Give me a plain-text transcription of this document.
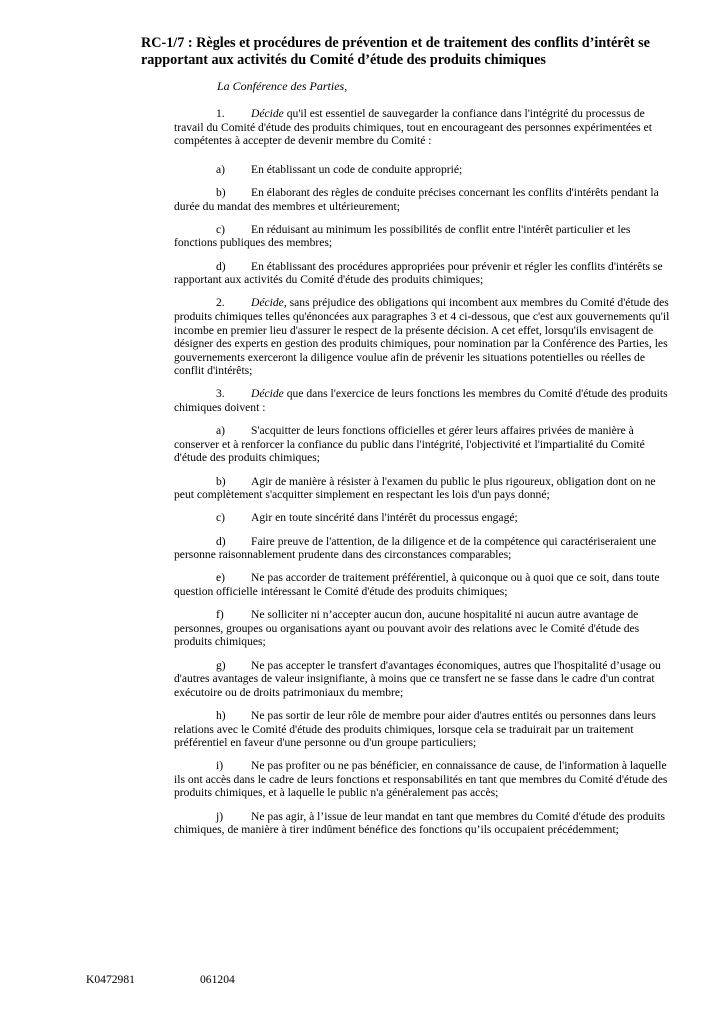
RC-1/7 : Règles et procédures de prévention et de traitement des conflits d’intérêt se rapportant aux activités du Comité d’étude des produits chimiques

La Conférence des Parties,

1. Décide qu'il est essentiel de sauvegarder la confiance dans l'intégrité du processus de travail du Comité d'étude des produits chimiques, tout en encourageant des personnes expérimentées et compétentes à accepter de devenir membre du Comité :

a) En établissant un code de conduite approprié;

b) En élaborant des règles de conduite précises concernant les conflits d'intérêts pendant la durée du mandat des membres et ultérieurement;

c) En réduisant au minimum les possibilités de conflit entre l'intérêt particulier et les fonctions publiques des membres;

d) En établissant des procédures appropriées pour prévenir et régler les conflits d'intérêts se rapportant aux activités du Comité d'étude des produits chimiques;

2. Décide, sans préjudice des obligations qui incombent aux membres du Comité d'étude des produits chimiques telles qu'énoncées aux paragraphes 3 et 4 ci-dessous, que c'est aux gouvernements qu'il incombe en premier lieu d'assurer le respect de la présente décision. A cet effet, lorsqu'ils envisagent de désigner des experts en gestion des produits chimiques, pour nomination par la Conférence des Parties, les gouvernements exerceront la diligence voulue afin de prévenir les situations potentielles ou réelles de conflit d'intérêts;

3. Décide que dans l'exercice de leurs fonctions les membres du Comité d'étude des produits chimiques doivent :

a) S'acquitter de leurs fonctions officielles et gérer leurs affaires privées de manière à conserver et à renforcer la confiance du public dans l'intégrité, l'objectivité et l'impartialité du Comité d'étude des produits chimiques;

b) Agir de manière à résister à l'examen du public le plus rigoureux, obligation dont on ne peut complètement s'acquitter simplement en respectant les lois d'un pays donné;

c) Agir en toute sincérité dans l'intérêt du processus engagé;

d) Faire preuve de l'attention, de la diligence et de la compétence qui caractériseraient une personne raisonnablement prudente dans des circonstances comparables;

e) Ne pas accorder de traitement préférentiel, à quiconque ou à quoi que ce soit, dans toute question officielle intéressant le Comité d'étude des produits chimiques;

f) Ne solliciter ni n’accepter aucun don, aucune hospitalité ni aucun autre avantage de personnes, groupes ou organisations ayant ou pouvant avoir des relations avec le Comité d'étude des produits chimiques;

g) Ne pas accepter le transfert d'avantages économiques, autres que l'hospitalité d’usage ou d'autres avantages de valeur insignifiante, à moins que ce transfert ne se fasse dans le cadre d'un contrat exécutoire ou de droits patrimoniaux du membre;

h) Ne pas sortir de leur rôle de membre pour aider d'autres entités ou personnes dans leurs relations avec le Comité d'étude des produits chimiques, lorsque cela se traduirait par un traitement préférentiel en faveur d'une personne ou d'un groupe particuliers;

i) Ne pas profiter ou ne pas bénéficier, en connaissance de cause, de l'information à laquelle ils ont accès dans le cadre de leurs fonctions et responsabilités en tant que membres du Comité d'étude des produits chimiques, et à laquelle le public n'a généralement pas accès;

j) Ne pas agir, à l’issue de leur mandat en tant que membres du Comité d'étude des produits chimiques, de manière à tirer indûment bénéfice des fonctions qu’ils occupaient précédemment;

K0472981	061204
